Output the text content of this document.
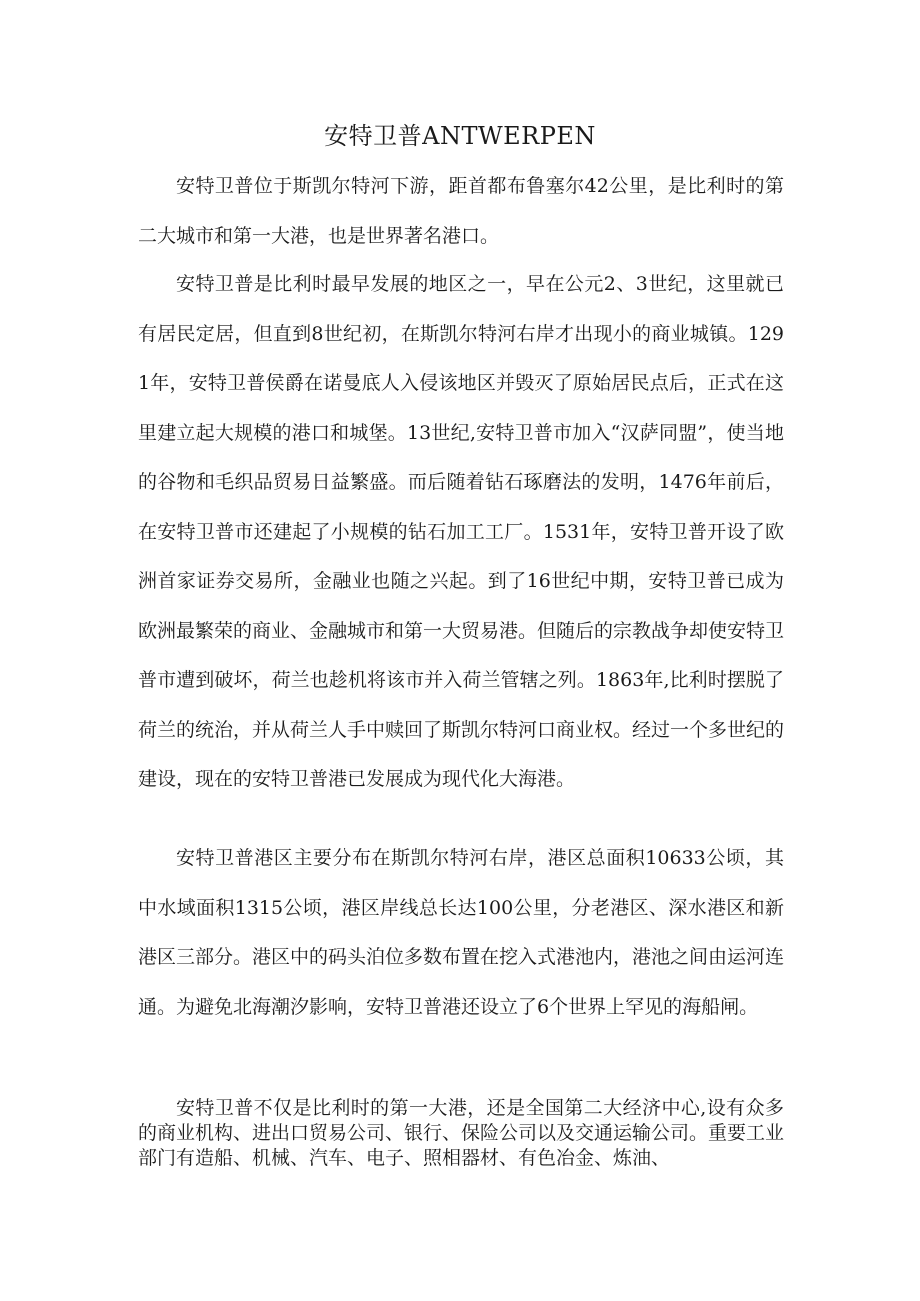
安特卫普ANTWERPEN

安特卫普位于斯凯尔特河下游，距首都布鲁塞尔42公里，是比利时的第二大城市和第一大港，也是世界著名港口。

安特卫普是比利时最早发展的地区之一，早在公元2、3世纪，这里就已有居民定居，但直到8世纪初，在斯凯尔特河右岸才出现小的商业城镇。1291年，安特卫普侯爵在诺曼底人入侵该地区并毁灭了原始居民点后，正式在这里建立起大规模的港口和城堡。13世纪,安特卫普市加入“汉萨同盟”，使当地的谷物和毛织品贸易日益繁盛。而后随着钻石琢磨法的发明，1476年前后，在安特卫普市还建起了小规模的钻石加工工厂。1531年，安特卫普开设了欧洲首家证券交易所，金融业也随之兴起。到了16世纪中期，安特卫普已成为欧洲最繁荣的商业、金融城市和第一大贸易港。但随后的宗教战争却使安特卫普市遭到破坏，荷兰也趁机将该市并入荷兰管辖之列。1863年,比利时摆脱了荷兰的统治，并从荷兰人手中赎回了斯凯尔特河口商业权。经过一个多世纪的建设，现在的安特卫普港已发展成为现代化大海港。

安特卫普港区主要分布在斯凯尔特河右岸，港区总面积10633公顷，其中水域面积1315公顷，港区岸线总长达100公里，分老港区、深水港区和新港区三部分。港区中的码头泊位多数布置在挖入式港池内，港池之间由运河连通。为避免北海潮汐影响，安特卫普港还设立了6个世界上罕见的海船闸。

安特卫普不仅是比利时的第一大港，还是全国第二大经济中心,设有众多的商业机构、进出口贸易公司、银行、保险公司以及交通运输公司。重要工业部门有造船、机械、汽车、电子、照相器材、有色冶金、炼油、
